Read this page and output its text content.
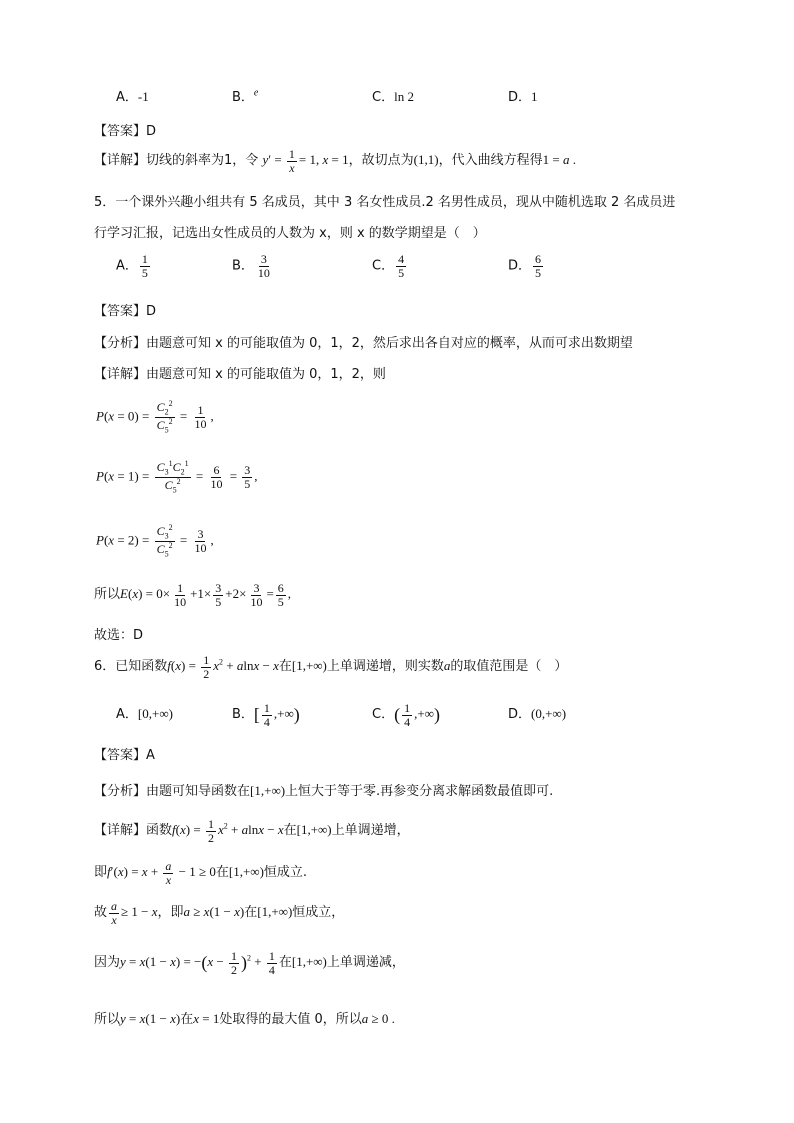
A．-1	B．$^e$	C．ln 2	D．1
【答案】D
【详解】切线的斜率为1，令 $y' = \frac{1}{x} = 1$, x = 1，故切点为(1,1)，代入曲线方程得1 = a .
5．一个课外兴趣小组共有 5 名成员，其中 3 名女性成员.2 名男性成员，现从中随机选取 2 名成员进
行学习汇报，记选出女性成员的人数为 x，则 x 的数学期望是（　）
A． $\frac{1}{5}$	B． $\frac{3}{10}$	C． $\frac{4}{5}$	D． $\frac{6}{5}$
【答案】D
【分析】由题意可知 x 的可能取值为 0，1，2，然后求出各自对应的概率，从而可求出数期望
【详解】由题意可知 x 的可能取值为 0，1，2，则
$P(x = 0) = \frac{C_2^2}{C_5^2} = \frac{1}{10}$ ,
$P(x = 1) = \frac{C_3^1C_2^1}{C_5^2} = \frac{6}{10} = \frac{3}{5}$ ,
$P(x = 2) = \frac{C_3^2}{C_5^2} = \frac{3}{10}$ ,
所以$E(x) = 0\times \frac{1}{10} +1\times \frac{3}{5} +2\times \frac{3}{10} = \frac{6}{5}$ ,
故选：D
6．已知函数$f(x) = \frac{1}{2} x^2 + alnx - x$在[1,+∞)上单调递增，则实数a的取值范围是（　）
A．[0,+∞)	B．[ $\frac{1}{4}$ ,+∞)	C．( $\frac{1}{4}$ ,+∞)	D．(0,+∞)
【答案】A
【分析】由题可知导函数在[1,+∞)上恒大于等于零.再参变分离求解函数最值即可.
【详解】函数$f(x) = \frac{1}{2} x^2 + alnx - x$在[1,+∞)上单调递增，
即$f'(x) = x + \frac{a}{x} - 1 \ge 0$在[1,+∞)恒成立.
故 $\frac{a}{x} \ge 1 - x$，即a ≥ x(1 − x)在[1,+∞)恒成立，
因为$y = x(1 - x) = -(x - \frac{1}{2} )^2 + \frac{1}{4}$ 在[1,+∞)上单调递减，
所以y = x(1 − x)在x = 1处取得的最大值 0，所以a ≥ 0 .
